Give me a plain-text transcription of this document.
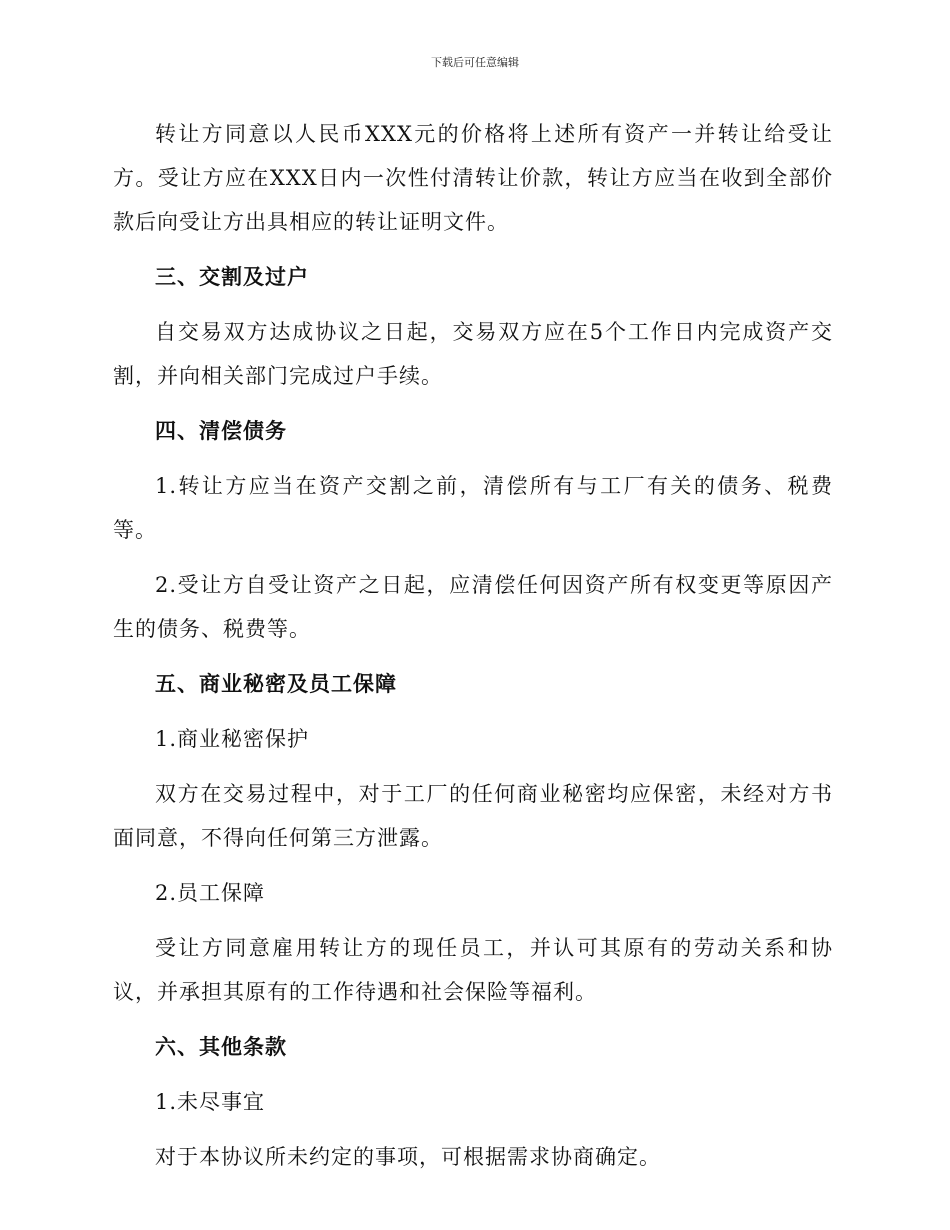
下载后可任意编辑

转让方同意以人民币XXX元的价格将上述所有资产一并转让给受让方。受让方应在XXX日内一次性付清转让价款，转让方应当在收到全部价款后向受让方出具相应的转让证明文件。

三、交割及过户

自交易双方达成协议之日起，交易双方应在5个工作日内完成资产交割，并向相关部门完成过户手续。

四、清偿债务

1.转让方应当在资产交割之前，清偿所有与工厂有关的债务、税费等。

2.受让方自受让资产之日起，应清偿任何因资产所有权变更等原因产生的债务、税费等。

五、商业秘密及员工保障

1.商业秘密保护

双方在交易过程中，对于工厂的任何商业秘密均应保密，未经对方书面同意，不得向任何第三方泄露。

2.员工保障

受让方同意雇用转让方的现任员工，并认可其原有的劳动关系和协议，并承担其原有的工作待遇和社会保险等福利。

六、其他条款

1.未尽事宜

对于本协议所未约定的事项，可根据需求协商确定。
